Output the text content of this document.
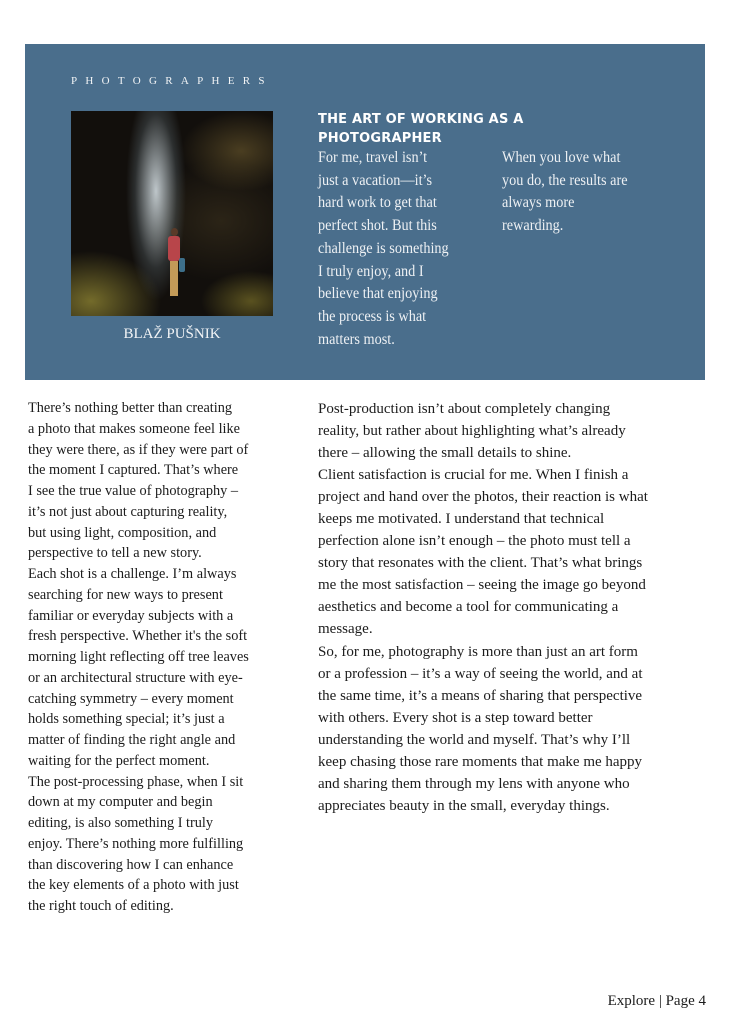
PHOTOGRAPHERS
BLAŽ PUŠNIK
THE ART OF WORKING AS A
PHOTOGRAPHER
For me, travel isn’t
just a vacation—it’s
hard work to get that
perfect shot. But this
challenge is something
I truly enjoy, and I
believe that enjoying
the process is what
matters most.
When you love what
you do, the results are
always more
rewarding.
There’s nothing better than creating
a photo that makes someone feel like
they were there, as if they were part of
the moment I captured. That’s where
I see the true value of photography –
it’s not just about capturing reality,
but using light, composition, and
perspective to tell a new story.
Each shot is a challenge. I’m always
searching for new ways to present
familiar or everyday subjects with a
fresh perspective. Whether it's the soft
morning light reflecting off tree leaves
or an architectural structure with eye-
catching symmetry – every moment
holds something special; it’s just a
matter of finding the right angle and
waiting for the perfect moment.
The post-processing phase, when I sit
down at my computer and begin
editing, is also something I truly
enjoy. There’s nothing more fulfilling
than discovering how I can enhance
the key elements of a photo with just
the right touch of editing.
Post-production isn’t about completely changing
reality, but rather about highlighting what’s already
there – allowing the small details to shine.
Client satisfaction is crucial for me. When I finish a
project and hand over the photos, their reaction is what
keeps me motivated. I understand that technical
perfection alone isn’t enough – the photo must tell a
story that resonates with the client. That’s what brings
me the most satisfaction – seeing the image go beyond
aesthetics and become a tool for communicating a
message.
So, for me, photography is more than just an art form
or a profession – it’s a way of seeing the world, and at
the same time, it’s a means of sharing that perspective
with others. Every shot is a step toward better
understanding the world and myself. That’s why I’ll
keep chasing those rare moments that make me happy
and sharing them through my lens with anyone who
appreciates beauty in the small, everyday things.
Explore | Page 4
